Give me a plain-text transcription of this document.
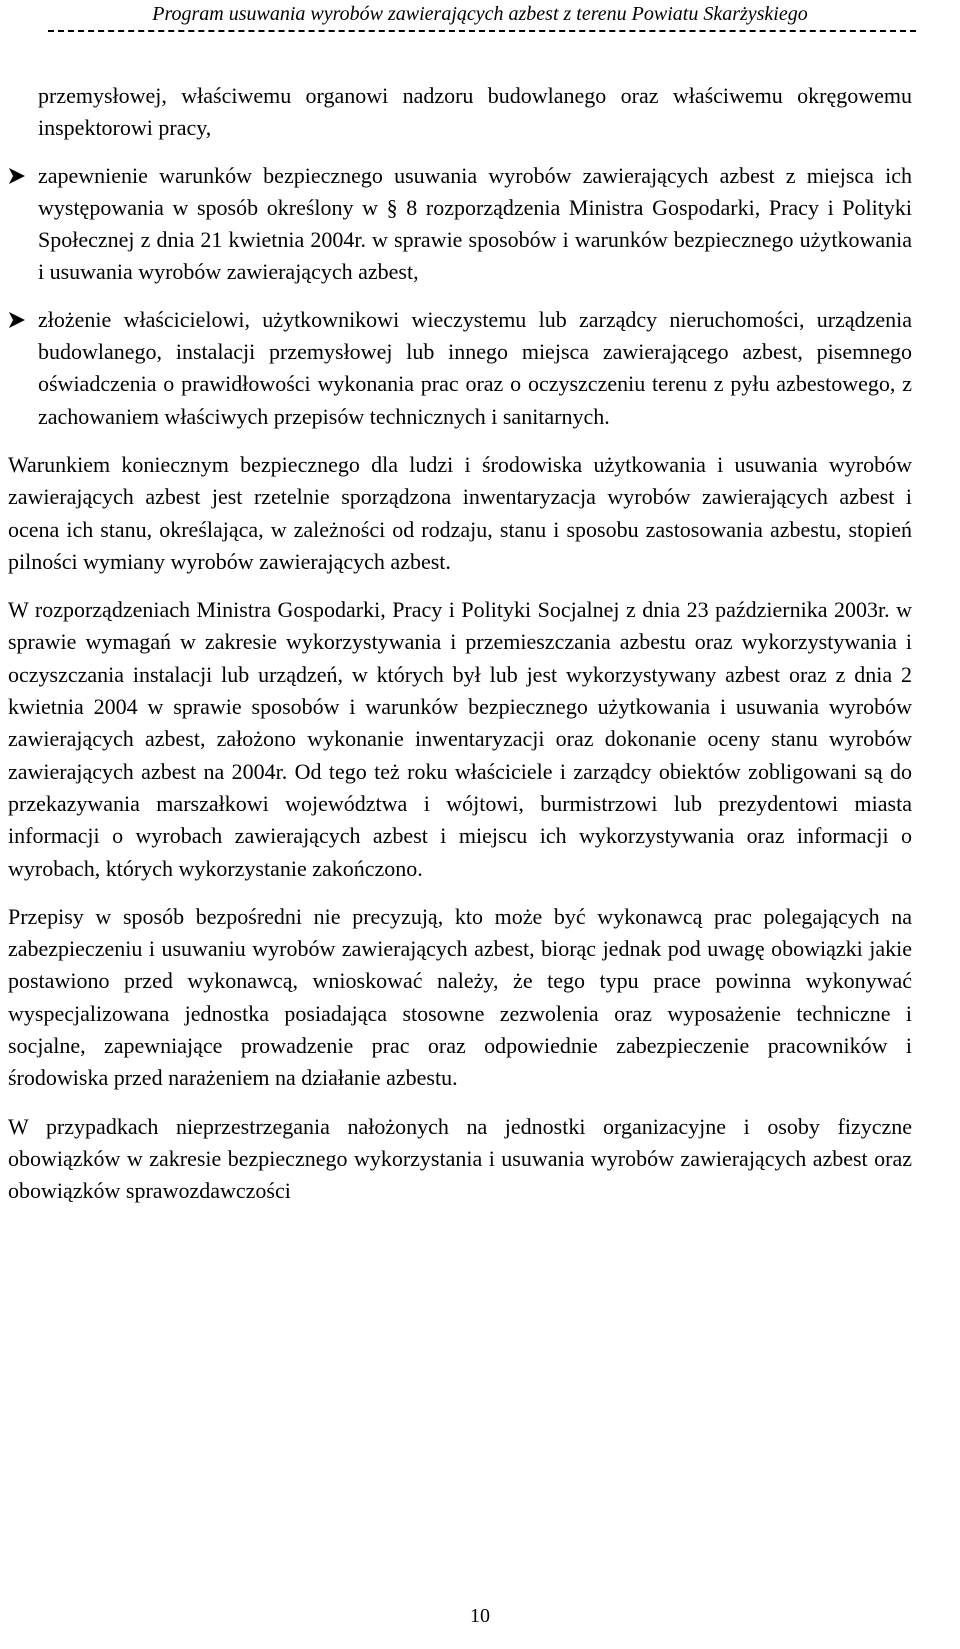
Program usuwania wyrobów zawierających azbest z terenu Powiatu Skarżyskiego
przemysłowej, właściwemu organowi nadzoru budowlanego oraz właściwemu okręgowemu inspektorowi pracy,
zapewnienie warunków bezpiecznego usuwania wyrobów zawierających azbest z miejsca ich występowania w sposób określony w § 8 rozporządzenia Ministra Gospodarki, Pracy i Polityki Społecznej z dnia 21 kwietnia 2004r. w sprawie sposobów i warunków bezpiecznego użytkowania i usuwania wyrobów zawierających azbest,
złożenie właścicielowi, użytkownikowi wieczystemu lub zarządcy nieruchomości, urządzenia budowlanego, instalacji przemysłowej lub innego miejsca zawierającego azbest, pisemnego oświadczenia o prawidłowości wykonania prac oraz o oczyszczeniu terenu z pyłu azbestowego, z zachowaniem właściwych przepisów technicznych i sanitarnych.

Warunkiem koniecznym bezpiecznego dla ludzi i środowiska użytkowania i usuwania wyrobów zawierających azbest jest rzetelnie sporządzona inwentaryzacja wyrobów zawierających azbest i ocena ich stanu, określająca, w zależności od rodzaju, stanu i sposobu zastosowania azbestu, stopień pilności wymiany wyrobów zawierających azbest.

W rozporządzeniach Ministra Gospodarki, Pracy i Polityki Socjalnej z dnia 23 października 2003r. w sprawie wymagań w zakresie wykorzystywania i przemieszczania azbestu oraz wykorzystywania i oczyszczania instalacji lub urządzeń, w których był lub jest wykorzystywany azbest oraz z dnia 2 kwietnia 2004 w sprawie sposobów i warunków bezpiecznego użytkowania i usuwania wyrobów zawierających azbest, założono wykonanie inwentaryzacji oraz dokonanie oceny stanu wyrobów zawierających azbest na 2004r. Od tego też roku właściciele i zarządcy obiektów zobligowani są do przekazywania marszałkowi województwa i wójtowi, burmistrzowi lub prezydentowi miasta informacji o wyrobach zawierających azbest i miejscu ich wykorzystywania oraz informacji o wyrobach, których wykorzystanie zakończono.

Przepisy w sposób bezpośredni nie precyzują, kto może być wykonawcą prac polegających na zabezpieczeniu i usuwaniu wyrobów zawierających azbest, biorąc jednak pod uwagę obowiązki jakie postawiono przed wykonawcą, wnioskować należy, że tego typu prace powinna wykonywać wyspecjalizowana jednostka posiadająca stosowne zezwolenia oraz wyposażenie techniczne i socjalne, zapewniające prowadzenie prac oraz odpowiednie zabezpieczenie pracowników i środowiska przed narażeniem na działanie azbestu.

W przypadkach nieprzestrzegania nałożonych na jednostki organizacyjne i osoby fizyczne obowiązków w zakresie bezpiecznego wykorzystania i usuwania wyrobów zawierających azbest oraz obowiązków sprawozdawczości

10
